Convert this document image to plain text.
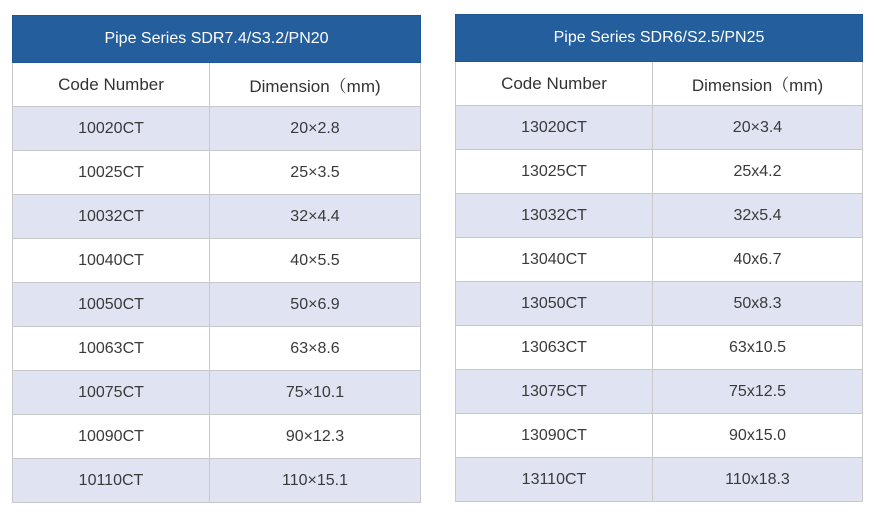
Pipe Series SDR7.4/S3.2/PN20	
Code Number	Dimension（mm)
10020CT	20×2.8
10025CT	25×3.5
10032CT	32×4.4
10040CT	40×5.5
10050CT	50×6.9
10063CT	63×8.6
10075CT	75×10.1
10090CT	90×12.3
10110CT	110×15.1
Pipe Series SDR6/S2.5/PN25	
Code Number	Dimension（mm)
13020CT	20×3.4
13025CT	25x4.2
13032CT	32x5.4
13040CT	40x6.7
13050CT	50x8.3
13063CT	63x10.5
13075CT	75x12.5
13090CT	90x15.0
13110CT	110x18.3
